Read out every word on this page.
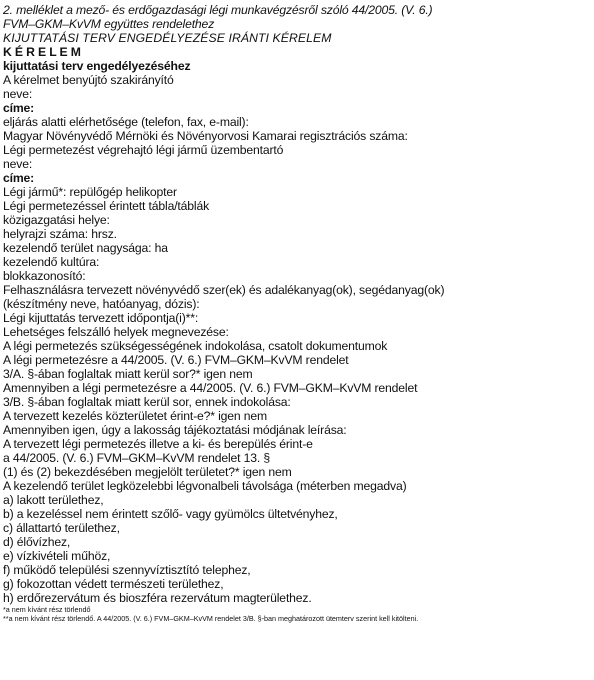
2. melléklet a mező- és erdőgazdasági légi munkavégzésről szóló 44/2005. (V. 6.)
FVM–GKM–KvVM együttes rendelethez
KIJUTTATÁSI TERV ENGEDÉLYEZÉSE IRÁNTI KÉRELEM
K É R E L E M
kijuttatási terv engedélyezéséhez
A kérelmet benyújtó szakirányító
neve:
címe:
eljárás alatti elérhetősége (telefon, fax, e-mail):
Magyar Növényvédő Mérnöki és Növényorvosi Kamarai regisztrációs száma:
Légi permetezést végrehajtó légi jármű üzembentartó
neve:
címe:
Légi jármű*: repülőgép helikopter
Légi permetezéssel érintett tábla/táblák
közigazgatási helye:
helyrajzi száma: hrsz.
kezelendő terület nagysága: ha
kezelendő kultúra:
blokkazonosító:
Felhasználásra tervezett növényvédő szer(ek) és adalékanyag(ok), segédanyag(ok)
(készítmény neve, hatóanyag, dózis):
Légi kijuttatás tervezett időpontja(i)**:
Lehetséges felszálló helyek megnevezése:
A légi permetezés szükségességének indokolása, csatolt dokumentumok
A légi permetezésre a 44/2005. (V. 6.) FVM–GKM–KvVM rendelet
3/A. §-ában foglaltak miatt kerül sor?* igen nem
Amennyiben a légi permetezésre a 44/2005. (V. 6.) FVM–GKM–KvVM rendelet
3/B. §-ában foglaltak miatt kerül sor, ennek indokolása:
A tervezett kezelés közterületet érint-e?* igen nem
Amennyiben igen, úgy a lakosság tájékoztatási módjának leírása:
A tervezett légi permetezés illetve a ki- és berepülés érint-e
a 44/2005. (V. 6.) FVM–GKM–KvVM rendelet 13. §
(1) és (2) bekezdésében megjelölt területet?* igen nem
A kezelendő terület legközelebbi légvonalbeli távolsága (méterben megadva)
a) lakott területhez,
b) a kezeléssel nem érintett szőlő- vagy gyümölcs ültetvényhez,
c) állattartó területhez,
d) élővízhez,
e) vízkivételi műhöz,
f) működő települési szennyvíztisztító telephez,
g) fokozottan védett természeti területhez,
h) erdőrezervátum és bioszféra rezervátum magterülethez.
*a nem kívánt rész törlendő
**a nem kívánt rész törlendő. A 44/2005. (V. 6.) FVM–GKM–KvVM rendelet 3/B. §-ban meghatározott ütemterv szerint kell kitölteni.
